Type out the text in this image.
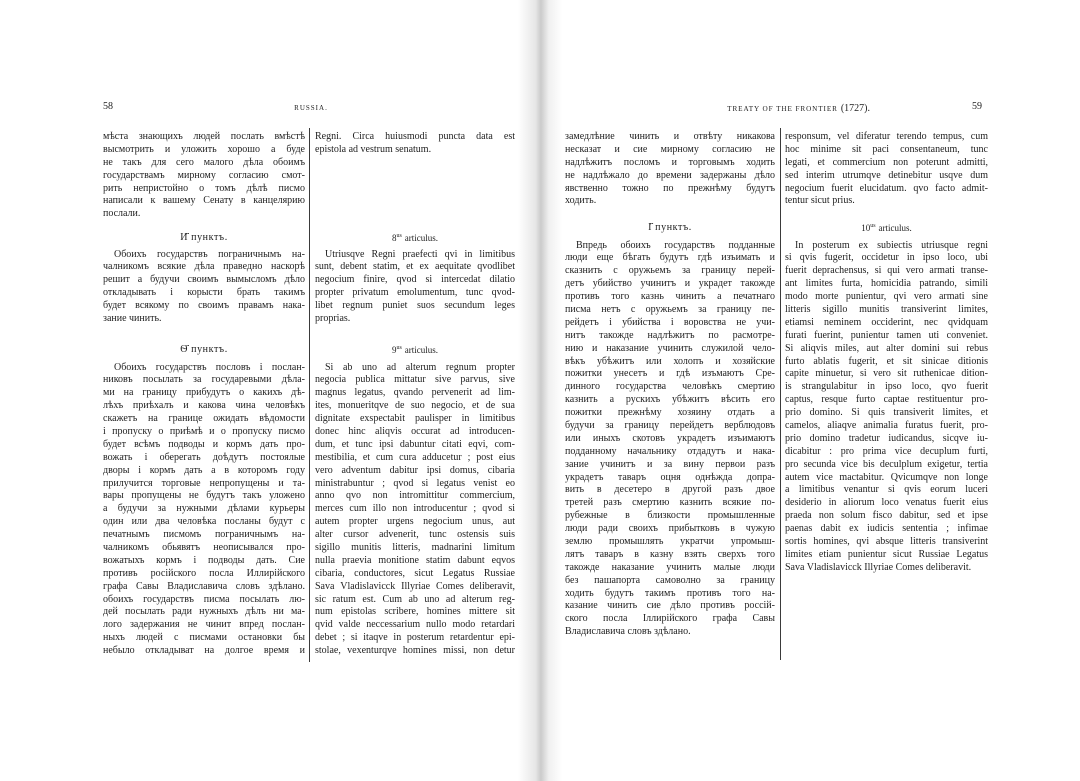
58	RUSSIA.	TREATY OF THE FRONTIER (1727).	59
мѣста знающихъ людей послать вмѣстѣ
высмотрить и уложить хорошо а буде
не такъ для сего малого дѣла обоимъ
государствамъ мирному согласию смот-
рить непристойно о томъ дѣлѣ писмо
написали к вашему Сенату в канцелярию
послали.
И҃ пунктъ.
Обоихъ государствъ пограничнымъ на-
чалникомъ всякие дѣла праведно наскорѣ
решит а будучи своимъ вымысломъ дѣло
откладывать і корысти брать такимъ
будет всякому по своимъ правамъ нака-
зание чинить.
Ѳ҃ пунктъ.
Обоихъ государствъ пословъ і послан-
никовъ посылать за государевыми дѣла-
ми на границу прибудутъ о какихъ дѣ-
лѣхъ приѣхалъ и какова чина человѣкъ
скажетъ на границе ожидать вѣдомости
і пропуску о приѣмѣ и о пропуску писмо
будет всѣмъ подводы и кормъ дать про-
вожать і оберегать доѣдутъ постоялые
дворы і кормъ дать а в которомъ году
прилучится торговые непропущены и та-
вары пропущены не будутъ такъ уложено
а будучи за нужными дѣлами курьеры
один или два человѣка посланы будут с
печатнымъ писмомъ пограничнымъ на-
чалникомъ обьявятъ неописывался про-
вожатыхъ кормъ і подводы дать. Сие
противъ росiйского посла Иллирiйского
графа Савы Владиславича словъ здѣлано.
обоихъ государствъ писма посылать лю-
дей посылать ради нужныхъ дѣлъ ни ма-
лого задержания не чинит впред послан-
ныхъ людей с писмами остановки бы
небыло откладыват на долгое время и
Regni. Circa huiusmodi puncta data est
epistola ad vestrum senatum.
$8^{us}$ articulus.
Utriusqve Regni praefecti qvi in limitibus
sunt, debent statim, et ex aequitate qvodlibet
negocium finire, qvod si intercedat dilatio
propter privatum emolumentum, tunc qvod-
libet regnum puniet suos secundum leges
proprias.
$9^{us}$ articulus.
Si ab uno ad alterum regnum propter
negocia publica mittatur sive parvus, sive
magnus legatus, qvando pervenerit ad lim-
ites, monueritqve de suo negocio, et de sua
dignitate exspectabit paulisper in limitibus
donec hinc aliqvis occurat ad introducen-
dum, et tunc ipsi dabuntur citati eqvi, com-
mestibilia, et cum cura adducetur ; post eius
vero adventum dabitur ipsi domus, cibaria
ministrabuntur ; qvod si legatus venist eo
anno qvo non intromittitur commercium,
merces cum illo non introducentur ; qvod si
autem propter urgens negocium unus, aut
alter cursor advenerit, tunc ostensis suis
sigillo munitis litteris, madnarini limitum
nulla praevia monitione statim dabunt eqvos
cibaria, conductores, sicut Legatus Russiae
Sava Vladislavicck Illyriae Comes deliberavit,
sic ratum est. Cum ab uno ad alterum reg-
num epistolas scribere, homines mittere sit
qvid valde neccessarium nullo modo retardari
debet ; si itaqve in posterum retardentur epi-
stolae, vexenturqve homines missi, non detur
замедлѣние чинить и отвѣту никакова
несказат и сие мирному согласию не
надлѣжитъ посломъ и торговымъ ходить
не надлѣжало до времени задержаны дѣло
явственно тожно по прежнѣму будутъ
ходить.
І҃ пунктъ.
Впредь обоихъ государствъ подданные
люди еще бѣгать будутъ гдѣ изъимать и
сказнить с оружьемъ за границу перей-
детъ убийство учинитъ и украдет такожде
противъ того казнь чинить а печатнаго
писма нетъ с оружьемъ за границу пе-
рейдетъ і убийства і воровства не учи-
нитъ такожде надлѣжитъ по расмотре-
нию и наказание учинить служилой чело-
вѣкъ убѣжитъ или холопъ и хозяйские
пожитки унесетъ и гдѣ изъмаютъ Сре-
динного государства человѣкъ смертию
казнить а рускихъ убѣжитъ вѣсить его
пожитки прежнѣму хозяину отдать а
будучи за границу перейдетъ верблюдовъ
или иныхъ скотовъ украдетъ изъимаютъ
подданному начальнику отдадутъ и нака-
зание учинитъ и за вину первои разъ
украдетъ таваръ оцня однѣжда допра-
вить в десетеро в другой разъ двое
третей разъ смертию казнить всякие по-
рубежные в близкости промышленные
люди ради своихъ прибытковъ в чужую
землю промышлять укратчи упромыш-
лятъ таваръ в казну взять сверхъ того
такожде наказание учинить малые люди
без пашапорта самоволно за границу
ходить будутъ такимъ противъ того на-
казание чинить сие дѣло противъ россiй-
ского посла Iллирiйского графа Савы
Владиславича словъ здѣлано.
responsum, vel diferatur terendo tempus, cum
hoc minime sit paci consentaneum, tunc
legati, et commercium non poterunt admitti,
sed interim utrumqve detinebitur usqve dum
negocium fuerit elucidatum. qvo facto admit-
tentur sicut prius.
$10^{us}$ articulus.
In posterum ex subiectis utriusque regni
si qvis fugerit, occidetur in ipso loco, ubi
fuerit deprachensus, si qui vero armati transe-
ant limites furta, homicidia patrando, simili
modo morte punientur, qvi vero armati sine
litteris sigillo munitis transiverint limites,
etiamsi neminem occiderint, nec qvidquam
furati fuerint, punientur tamen uti conveniet.
Si aliqvis miles, aut alter domini sui rebus
furto ablatis fugerit, et sit sinicae ditionis
capite minuetur, si vero sit ruthenicae dition-
is strangulabitur in ipso loco, qvo fuerit
captus, resque furto captae restituentur pro-
prio domino. Si quis transiverit limites, et
camelos, aliaqve animalia furatus fuerit, pro-
prio domino tradetur iudicandus, sicqve iu-
dicabitur : pro prima vice decuplum furti,
pro secunda vice bis deculplum exigetur, tertia
autem vice mactabitur. Qvicumqve non longe
a limitibus venantur si qvis eorum luceri
desiderio in aliorum loco venatus fuerit eius
praeda non solum fisco dabitur, sed et ipse
paenas dabit ex iudicis sententia ; infimae
sortis homines, qvi absque litteris transiverint
limites etiam punientur sicut Russiae Legatus
Sava Vladislavicck Illyriae Comes deliberavit.
